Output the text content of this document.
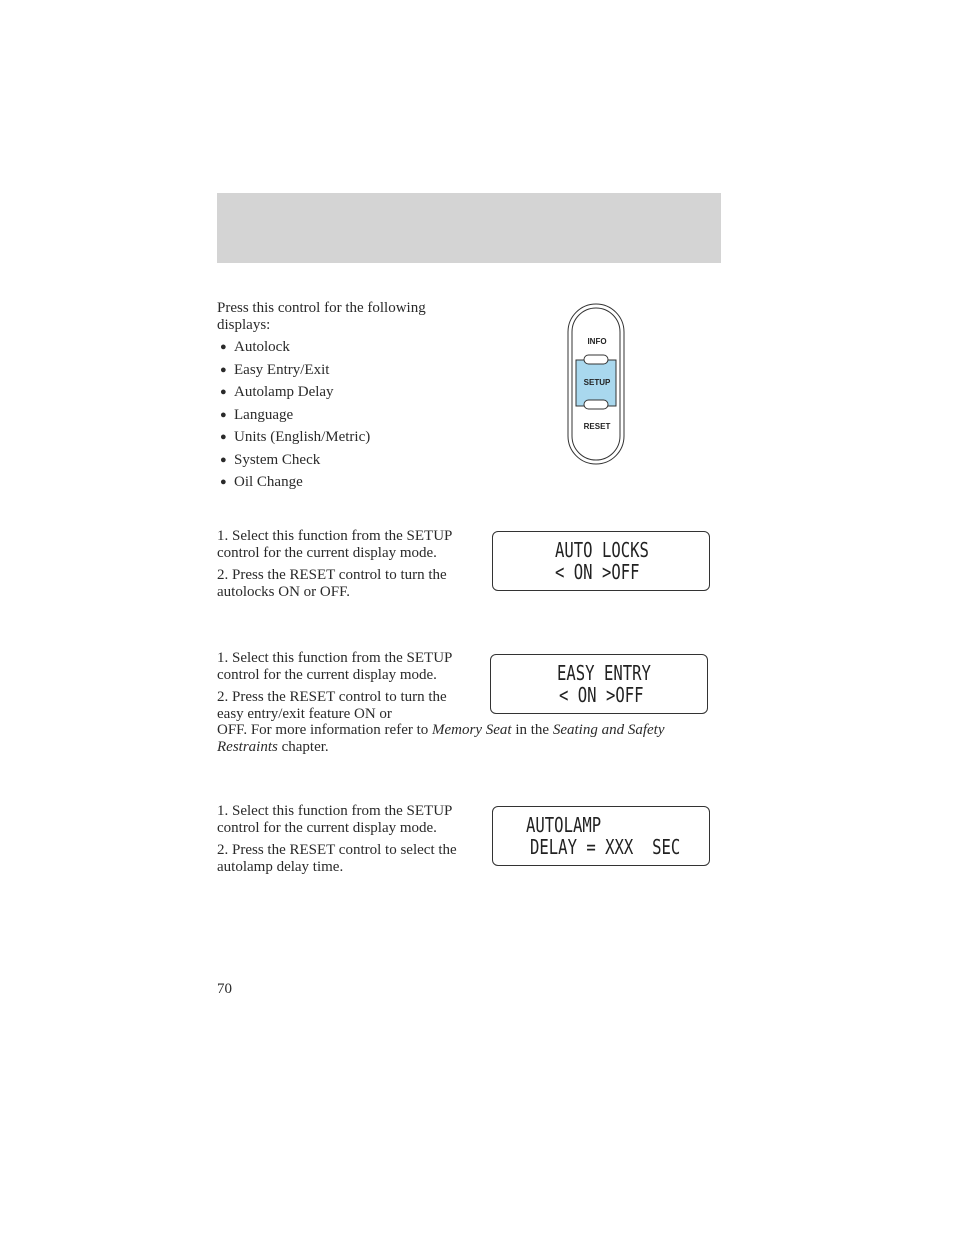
Press this control for the following displays:

● Autolock
● Easy Entry/Exit
● Autolamp Delay
● Language
● Units (English/Metric)
● System Check
● Oil Change
INFO
SETUP
RESET

1. Select this function from the SETUP control for the current display mode.

2. Press the RESET control to turn the autolocks ON or OFF.

AUTO LOCKS
< ON >OFF

1. Select this function from the SETUP control for the current display mode.

2. Press the RESET control to turn the easy entry/exit feature ON or
OFF. For more information refer to Memory Seat in the Seating and Safety Restraints chapter.

EASY ENTRY
< ON >OFF

1. Select this function from the SETUP control for the current display mode.

2. Press the RESET control to select the autolamp delay time.

AUTOLAMP
DELAY = XXX  SEC
70
